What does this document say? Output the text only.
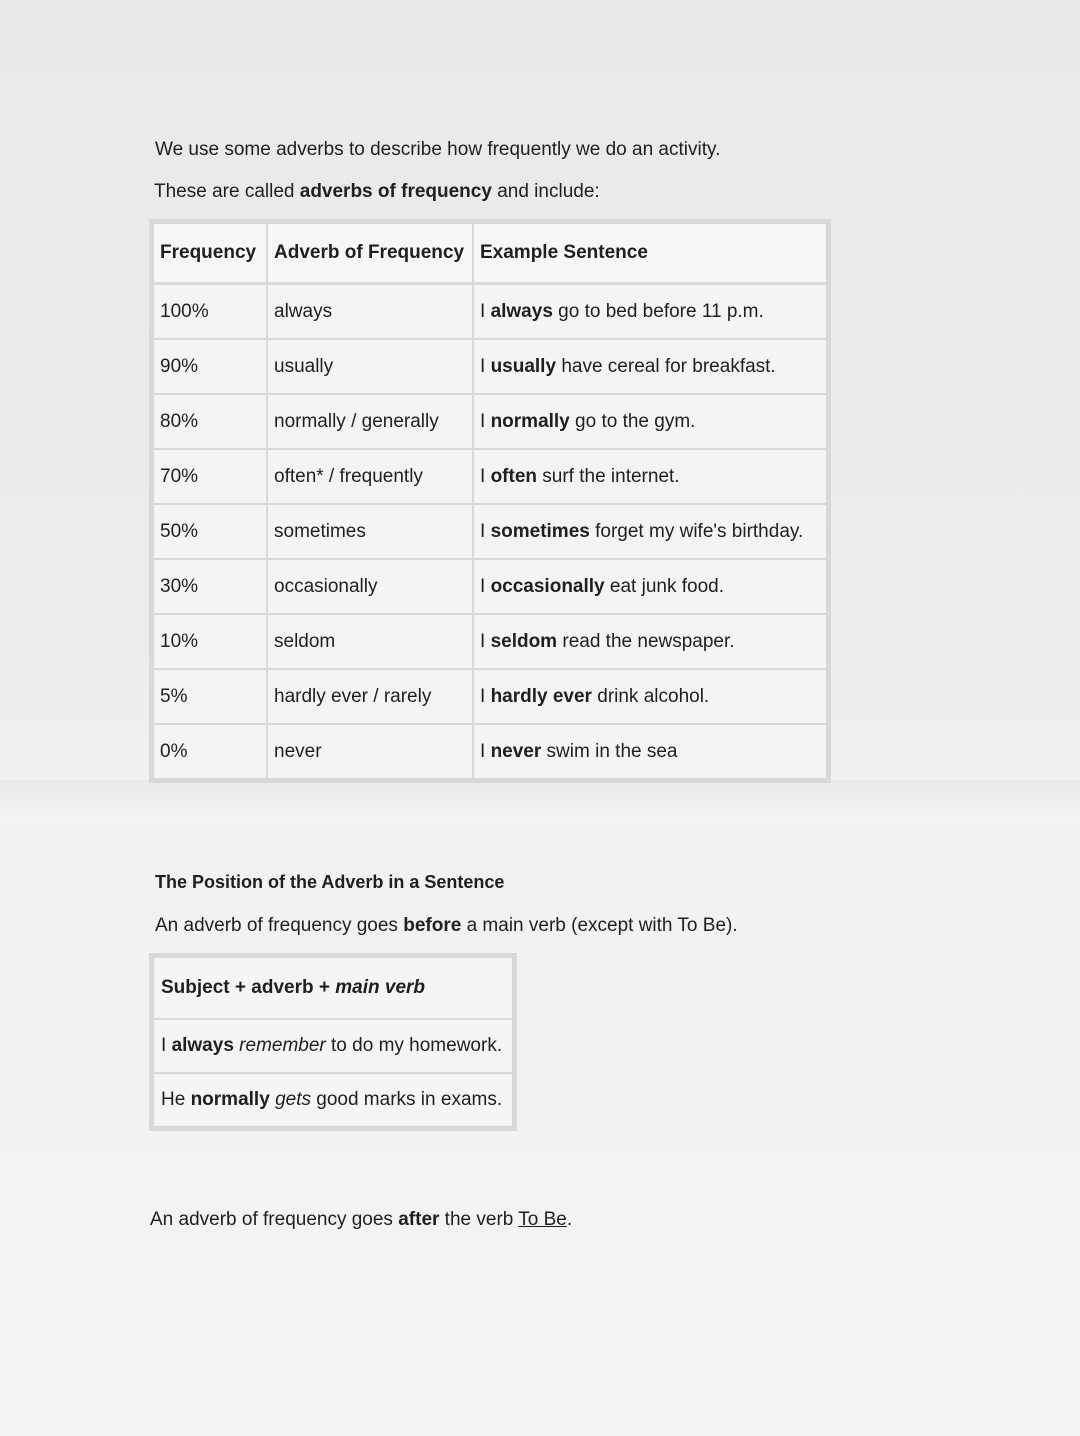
We use some adverbs to describe how frequently we do an activity.
These are called adverbs of frequency and include:
Frequency	Adverb of Frequency	Example Sentence
100%	always	I always go to bed before 11 p.m.
90%	usually	I usually have cereal for breakfast.
80%	normally / generally	I normally go to the gym.
70%	often* / frequently	I often surf the internet.
50%	sometimes	I sometimes forget my wife's birthday.
30%	occasionally	I occasionally eat junk food.
10%	seldom	I seldom read the newspaper.
5%	hardly ever / rarely	I hardly ever drink alcohol.
0%	never	I never swim in the sea
The Position of the Adverb in a Sentence
An adverb of frequency goes before a main verb (except with To Be).
Subject + adverb + main verb
I always remember to do my homework.
He normally gets good marks in exams.
An adverb of frequency goes after the verb To Be.
